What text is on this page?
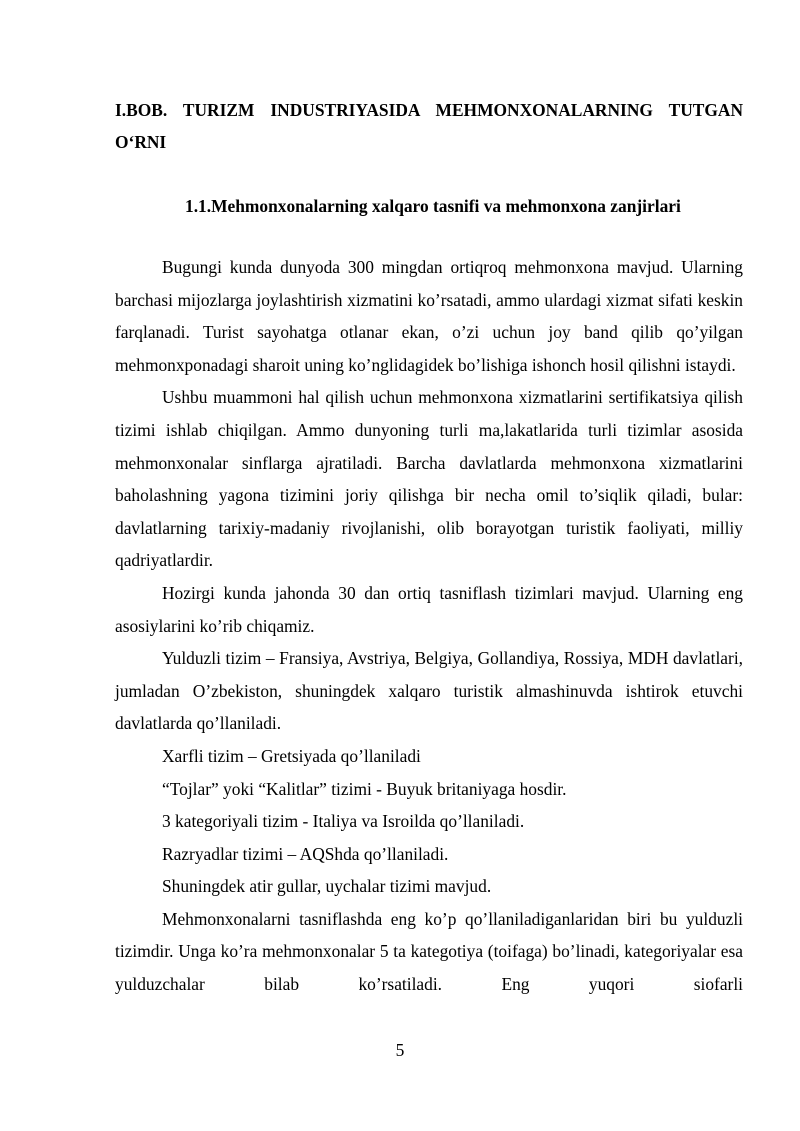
I.BOB. TURIZM INDUSTRIYASIDA MEHMONXONALARNING TUTGAN O‘RNI
1.1.Mehmonxonalarning xalqaro tasnifi va mehmonxona zanjirlari

Bugungi kunda dunyoda 300 mingdan ortiqroq mehmonxona mavjud. Ularning barchasi mijozlarga joylashtirish xizmatini ko’rsatadi, ammo ulardagi xizmat sifati keskin farqlanadi. Turist sayohatga otlanar ekan, o’zi uchun joy band qilib qo’yilgan mehmonxponadagi sharoit uning ko’nglidagidek bo’lishiga ishonch hosil qilishni istaydi.

Ushbu muammoni hal qilish uchun mehmonxona xizmatlarini sertifikatsiya qilish tizimi ishlab chiqilgan. Ammo dunyoning turli ma,lakatlarida turli tizimlar asosida mehmonxonalar sinflarga ajratiladi. Barcha davlatlarda mehmonxona xizmatlarini baholashning yagona tizimini joriy qilishga bir necha omil to’siqlik qiladi, bular: davlatlarning tarixiy-madaniy rivojlanishi, olib borayotgan turistik faoliyati, milliy qadriyatlardir.

Hozirgi kunda jahonda 30 dan ortiq tasniflash tizimlari mavjud. Ularning eng asosiylarini ko’rib chiqamiz.

Yulduzli tizim – Fransiya, Avstriya, Belgiya, Gollandiya, Rossiya, MDH davlatlari, jumladan O’zbekiston, shuningdek xalqaro turistik almashinuvda ishtirok etuvchi davlatlarda qo’llaniladi.

Xarfli tizim – Gretsiyada qo’llaniladi

“Tojlar” yoki “Kalitlar” tizimi - Buyuk britaniyaga hosdir.

3 kategoriyali tizim - Italiya va Isroilda qo’llaniladi.

Razryadlar tizimi – AQShda qo’llaniladi.

Shuningdek atir gullar, uychalar tizimi mavjud.

Mehmonxonalarni tasniflashda eng ko’p qo’llaniladiganlaridan biri bu yulduzli tizimdir. Unga ko’ra mehmonxonalar 5 ta kategotiya (toifaga) bo’linadi, kategoriyalar esa yulduzchalar bilab ko’rsatiladi. Eng yuqori siofarli

5
